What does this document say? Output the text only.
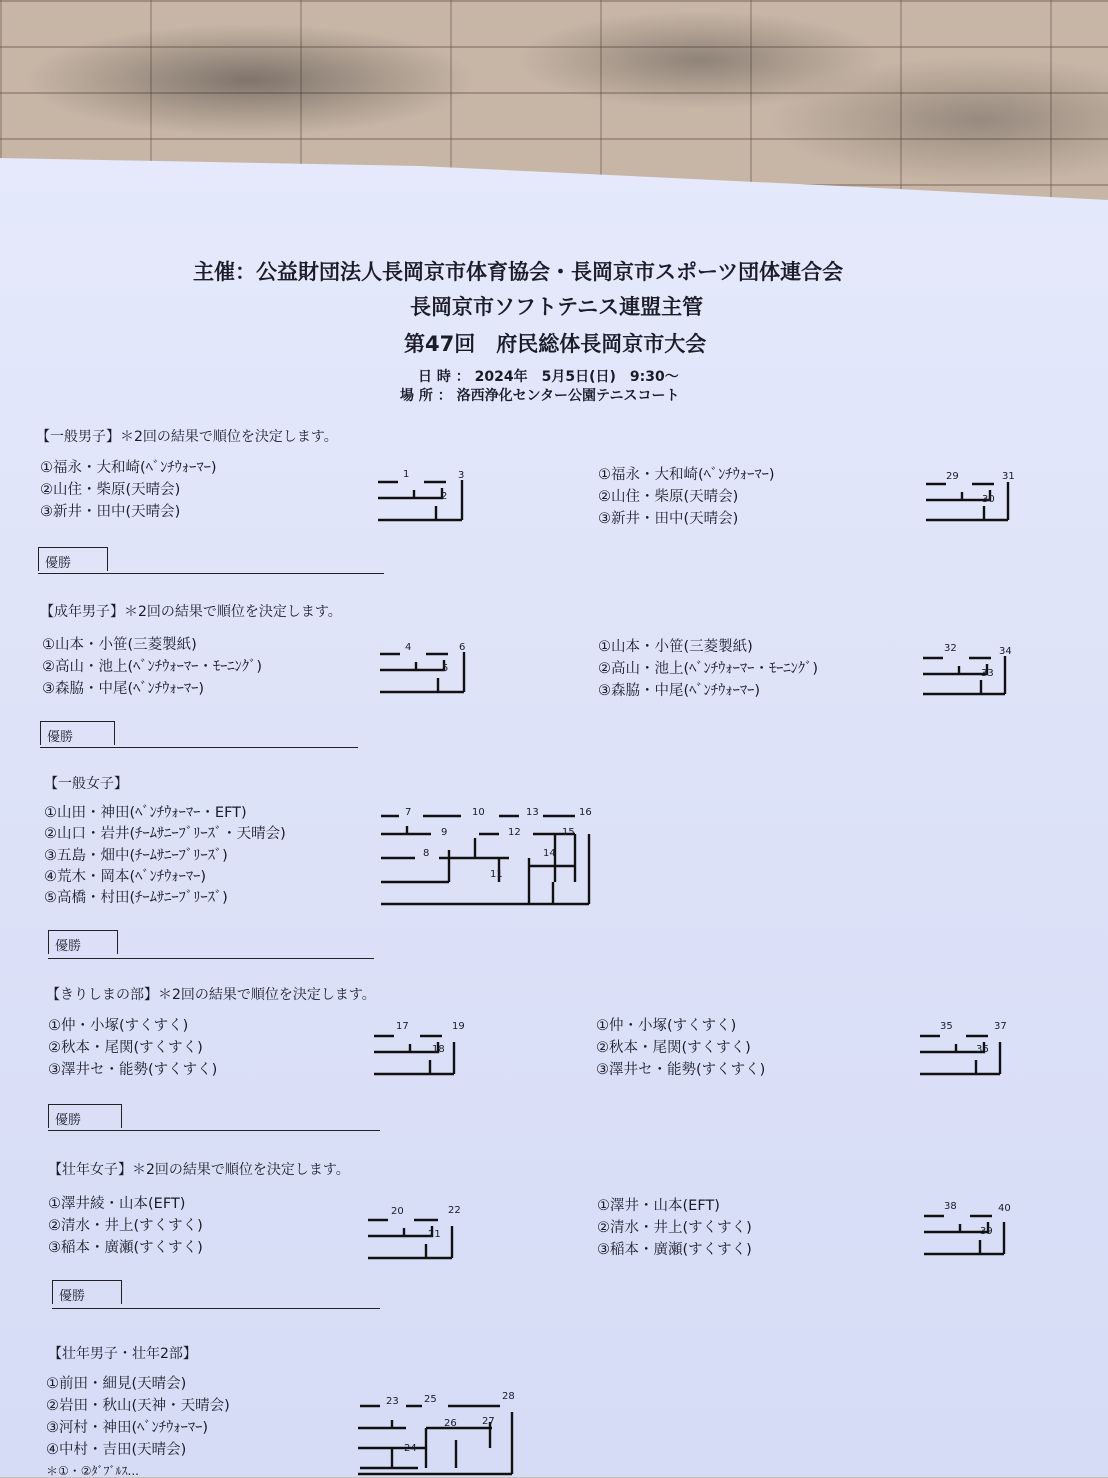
主催：公益財団法人長岡京市体育協会・長岡京市スポーツ団体連合会
長岡京市ソフトテニス連盟主管
第47回　府民総体長岡京市大会
日 時 ： 2024年　5月5日(日)　9:30～
場 所 ： 洛西浄化センター公園テニスコート
【一般男子】＊2回の結果で順位を決定します。
①福永・大和崎(ﾍﾞﾝﾁｳｫｰﾏｰ)
②山住・柴原(天晴会)
③新井・田中(天晴会)
1
2
3	①福永・大和崎(ﾍﾞﾝﾁｳｫｰﾏｰ)
②山住・柴原(天晴会)
③新井・田中(天晴会)
29
30
31
優勝
【成年男子】＊2回の結果で順位を決定します。
①山本・小笹(三菱製紙)
②高山・池上(ﾍﾞﾝﾁｳｫｰﾏｰ・ﾓｰﾆﾝｸﾞ)
③森脇・中尾(ﾍﾞﾝﾁｳｫｰﾏｰ)
4
5
6	①山本・小笹(三菱製紙)
②高山・池上(ﾍﾞﾝﾁｳｫｰﾏｰ・ﾓｰﾆﾝｸﾞ)
③森脇・中尾(ﾍﾞﾝﾁｳｫｰﾏｰ)
32
33
34
優勝
【一般女子】
①山田・神田(ﾍﾞﾝﾁｳｫｰﾏｰ・EFT)
②山口・岩井(ﾁｰﾑｻﾆｰﾌﾞﾘｰｽﾞ・天晴会)
③五島・畑中(ﾁｰﾑｻﾆｰﾌﾞﾘｰｽﾞ)
④荒木・岡本(ﾍﾞﾝﾁｳｫｰﾏｰ)
⑤高橋・村田(ﾁｰﾑｻﾆｰﾌﾞﾘｰｽﾞ)
7
8
9
10
11
12
13
14
15
16
優勝
【きりしまの部】＊2回の結果で順位を決定します。
①仲・小塚(すくすく)
②秋本・尾関(すくすく)
③澤井セ・能勢(すくすく)
17
18
19	①仲・小塚(すくすく)
②秋本・尾関(すくすく)
③澤井セ・能勢(すくすく)
35
36
37
優勝
【壮年女子】＊2回の結果で順位を決定します。
①澤井綾・山本(EFT)
②清水・井上(すくすく)
③稲本・廣瀬(すくすく)
20
21
22	①澤井・山本(EFT)
②清水・井上(すくすく)
③稲本・廣瀬(すくすく)
38
39
40
優勝
【壮年男子・壮年2部】
①前田・細見(天晴会)
②岩田・秋山(天神・天晴会)
③河村・神田(ﾍﾞﾝﾁｳｫｰﾏｰ)
④中村・吉田(天晴会)
＊①・②ﾀﾞﾌﾞﾙｽ...
23
24
25
26	27
28
